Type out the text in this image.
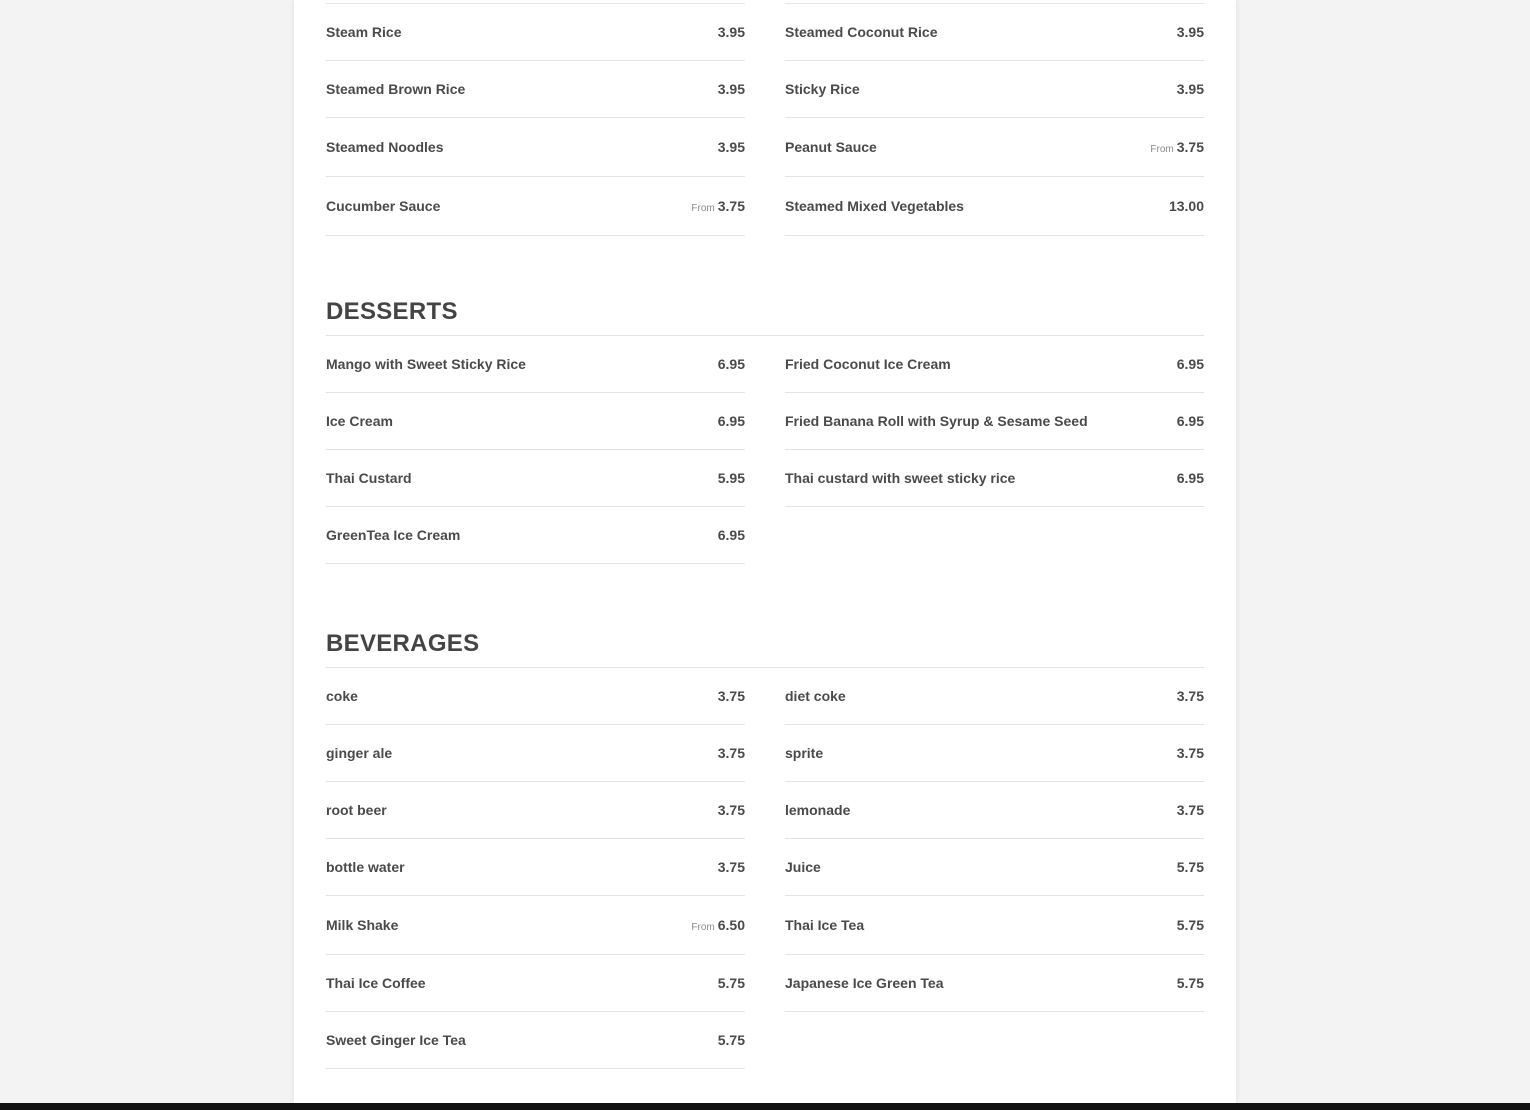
Steam Rice	3.95	Steamed Coconut Rice	3.95
Steamed Brown Rice	3.95	Sticky Rice	3.95
Steamed Noodles	3.95	Peanut Sauce	From 3.75
Cucumber Sauce	From 3.75	Steamed Mixed Vegetables	13.00
DESSERTS
Mango with Sweet Sticky Rice	6.95	Fried Coconut Ice Cream	6.95
Ice Cream	6.95	Fried Banana Roll with Syrup & Sesame Seed	6.95
Thai Custard	5.95	Thai custard with sweet sticky rice	6.95
GreenTea Ice Cream	6.95
BEVERAGES
coke	3.75	diet coke	3.75
ginger ale	3.75	sprite	3.75
root beer	3.75	lemonade	3.75
bottle water	3.75	Juice	5.75
Milk Shake	From 6.50	Thai Ice Tea	5.75
Thai Ice Coffee	5.75	Japanese Ice Green Tea	5.75
Sweet Ginger Ice Tea	5.75
